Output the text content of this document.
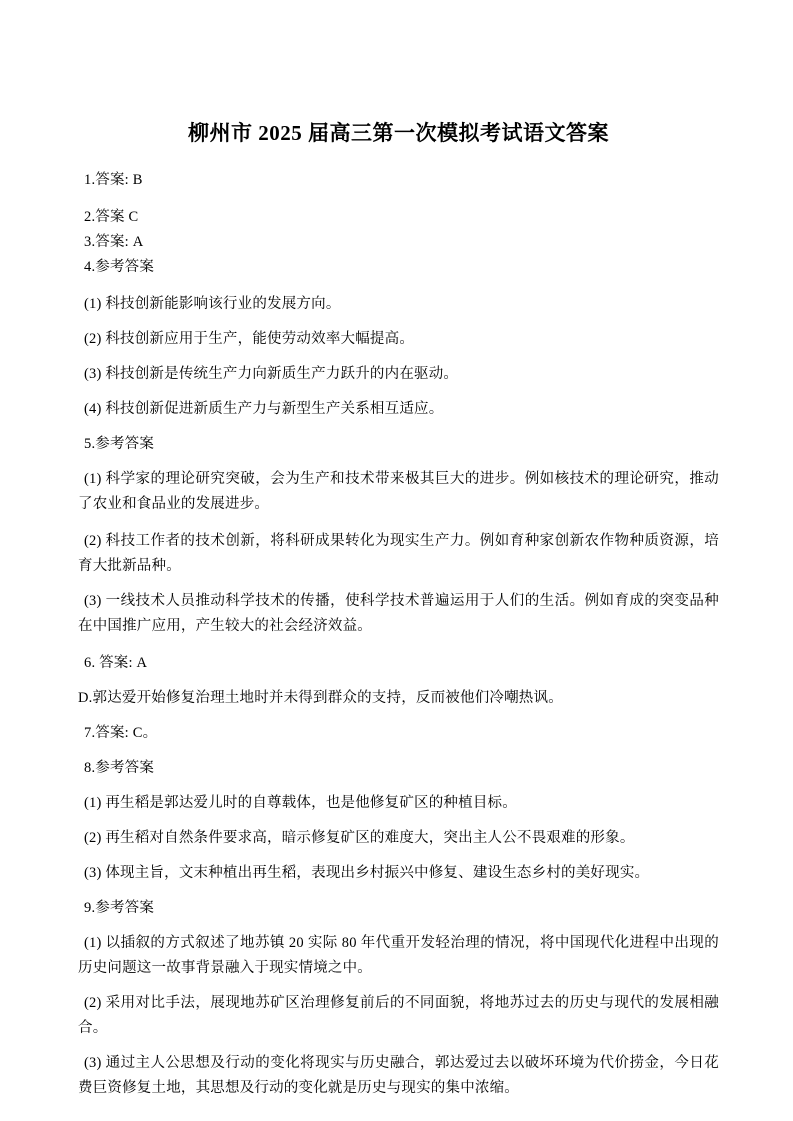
柳州市 2025 届高三第一次模拟考试语文答案

1.答案: B

2.答案 C

3.答案: A

4.参考答案

(1) 科技创新能影响该行业的发展方向。

(2) 科技创新应用于生产，能使劳动效率大幅提高。

(3) 科技创新是传统生产力向新质生产力跃升的内在驱动。

(4) 科技创新促进新质生产力与新型生产关系相互适应。

5.参考答案

(1) 科学家的理论研究突破，会为生产和技术带来极其巨大的进步。例如核技术的理论研究，推动了农业和食品业的发展进步。

(2) 科技工作者的技术创新，将科研成果转化为现实生产力。例如育种家创新农作物种质资源，培育大批新品种。

(3) 一线技术人员推动科学技术的传播，使科学技术普遍运用于人们的生活。例如育成的突变品种在中国推广应用，产生较大的社会经济效益。

6. 答案: A

D.郭达爱开始修复治理土地时并未得到群众的支持，反而被他们冷嘲热讽。

7.答案: C。

8.参考答案

(1) 再生稻是郭达爱儿时的自尊载体，也是他修复矿区的种植目标。

(2) 再生稻对自然条件要求高，暗示修复矿区的难度大，突出主人公不畏艰难的形象。

(3) 体现主旨，文末种植出再生稻，表现出乡村振兴中修复、建设生态乡村的美好现实。

9.参考答案

(1) 以插叙的方式叙述了地苏镇 20 实际 80 年代重开发轻治理的情况，将中国现代化进程中出现的历史问题这一故事背景融入于现实情境之中。

(2) 采用对比手法，展现地苏矿区治理修复前后的不同面貌，将地苏过去的历史与现代的发展相融合。

(3) 通过主人公思想及行动的变化将现实与历史融合，郭达爱过去以破坏环境为代价捞金，今日花费巨资修复土地，其思想及行动的变化就是历史与现实的集中浓缩。
